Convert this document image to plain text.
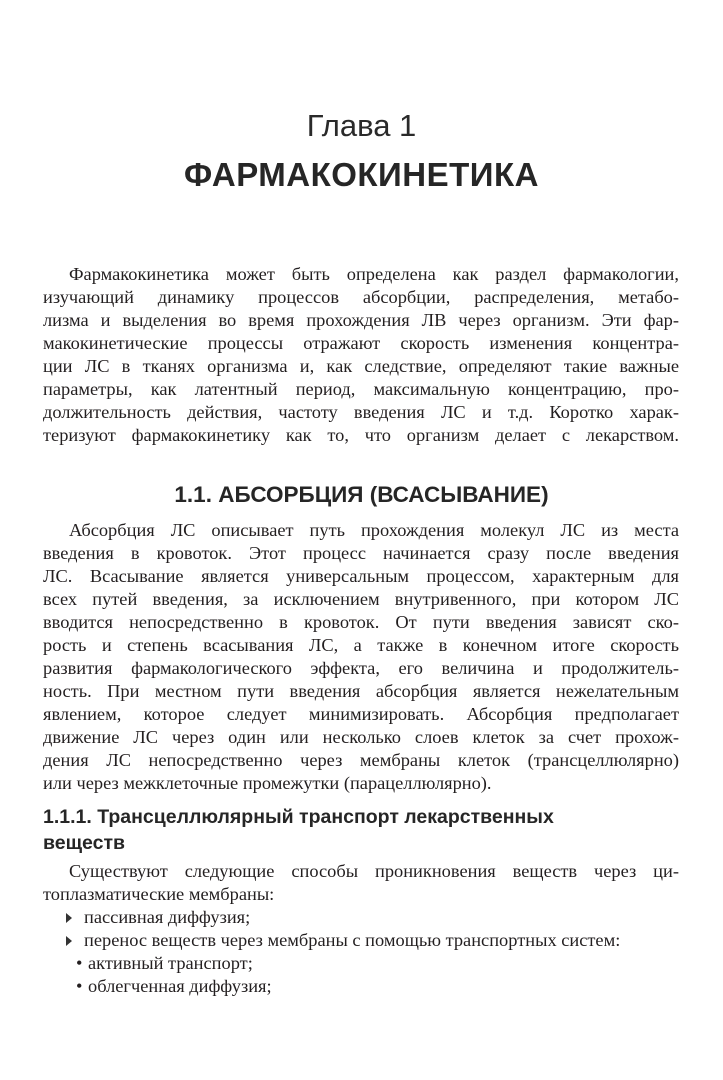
Глава 1
ФАРМАКОКИНЕТИКА
Фармакокинетика может быть определена как раздел фармакологии,
изучающий динамику процессов абсорбции, распределения, метабо-
лизма и выделения во время прохождения ЛВ через организм. Эти фар-
макокинетические процессы отражают скорость изменения концентра-
ции ЛС в тканях организма и, как следствие, определяют такие важные
параметры, как латентный период, максимальную концентрацию, про-
должительность действия, частоту введения ЛС и т.д. Коротко харак-
теризуют фармакокинетику как то, что организм делает с лекарством.
1.1. АБСОРБЦИЯ (ВСАСЫВАНИЕ)
Абсорбция ЛС описывает путь прохождения молекул ЛС из места
введения в кровоток. Этот процесс начинается сразу после введения
ЛС. Всасывание является универсальным процессом, характерным для
всех путей введения, за исключением внутривенного, при котором ЛС
вводится непосредственно в кровоток. От пути введения зависят ско-
рость и степень всасывания ЛС, а также в конечном итоге скорость
развития фармакологического эффекта, его величина и продолжитель-
ность. При местном пути введения абсорбция является нежелательным
явлением, которое следует минимизировать. Абсорбция предполагает
движение ЛС через один или несколько слоев клеток за счет прохож-
дения ЛС непосредственно через мембраны клеток (трансцеллюлярно)
или через межклеточные промежутки (парацеллюлярно).
1.1.1. Трансцеллюлярный транспорт лекарственных
веществ
Существуют следующие способы проникновения веществ через ци-
топлазматические мембраны:
пассивная диффузия;
перенос веществ через мембраны с помощью транспортных систем:
• активный транспорт;
• облегченная диффузия;
